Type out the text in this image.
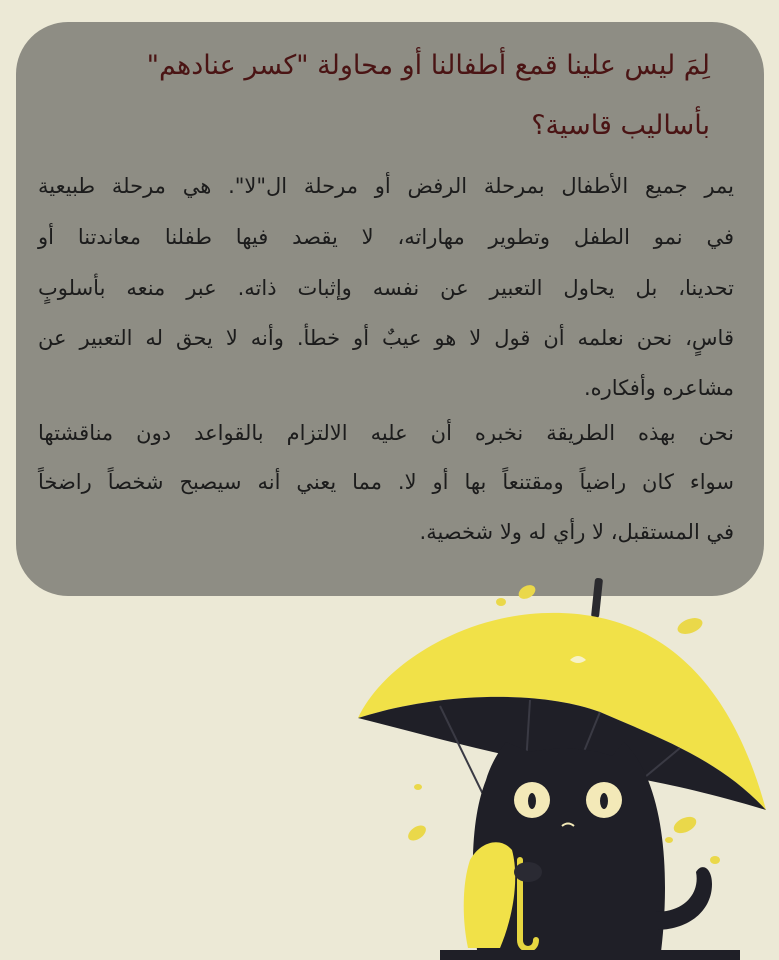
لِمَ ليس علينا قمع أطفالنا أو محاولة "كسر عنادهم"
بأساليب قاسية؟
يمر جميع الأطفال بمرحلة الرفض أو مرحلة ال"لا". هي مرحلة طبيعية
في نمو الطفل وتطوير مهاراته، لا يقصد فيها طفلنا معاندتنا أو
تحدينا، بل يحاول التعبير عن نفسه وإثبات ذاته. عبر منعه بأسلوبٍ
قاسٍ، نحن نعلمه أن قول لا هو عيبٌ أو خطأ. وأنه لا يحق له التعبير عن
مشاعره وأفكاره.
نحن بهذه الطريقة نخبره أن عليه الالتزام بالقواعد دون مناقشتها
سواء كان راضياً ومقتنعاً بها أو لا. مما يعني أنه سيصبح شخصاً راضخاً
في المستقبل، لا رأي له ولا شخصية.
